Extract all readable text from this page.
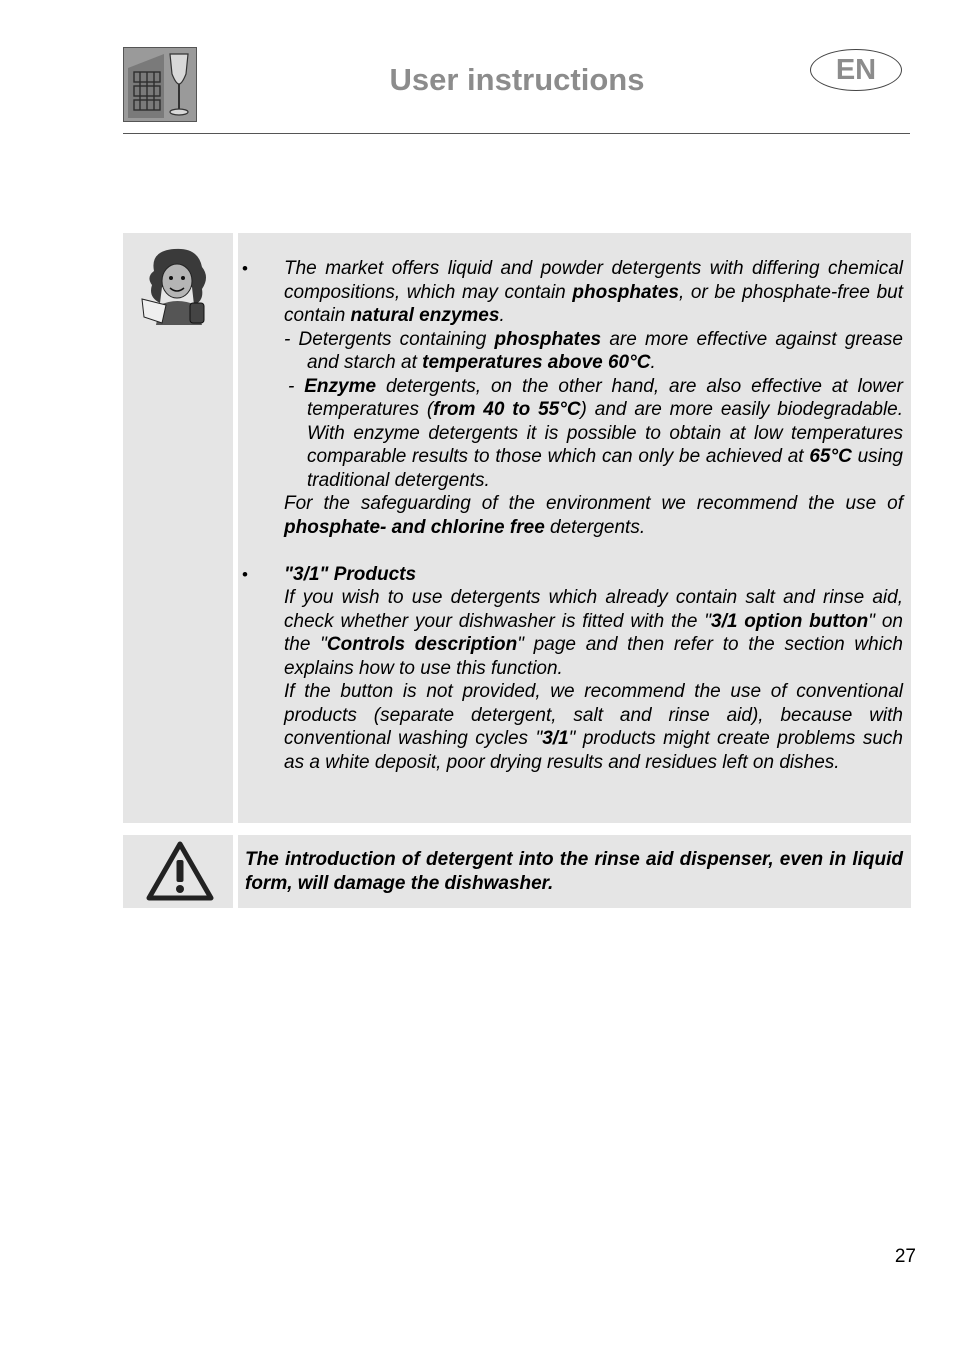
User instructions	EN
• The market offers liquid and powder detergents with differing chemical compositions, which may contain phosphates, or be phosphate-free but contain natural enzymes.

- Detergents containing phosphates are more effective against grease and starch at temperatures above 60°C.

- Enzyme detergents, on the other hand, are also effective at lower temperatures (from 40 to 55°C) and are more easily biodegradable. With enzyme detergents it is possible to obtain at low temperatures comparable results to those which can only be achieved at 65°C using traditional detergents.

For the safeguarding of the environment we recommend the use of phosphate- and chlorine free detergents.

• "3/1" Products

If you wish to use detergents which already contain salt and rinse aid, check whether your dishwasher is fitted with the "3/1 option button" on the "Controls description" page and then refer to the section which explains how to use this function.

If the button is not provided, we recommend the use of conventional products (separate detergent, salt and rinse aid), because with conventional washing cycles "3/1" products might create problems such as a white deposit, poor drying results and residues left on dishes.

The introduction of detergent into the rinse aid dispenser, even in liquid form, will damage the dishwasher.

27
